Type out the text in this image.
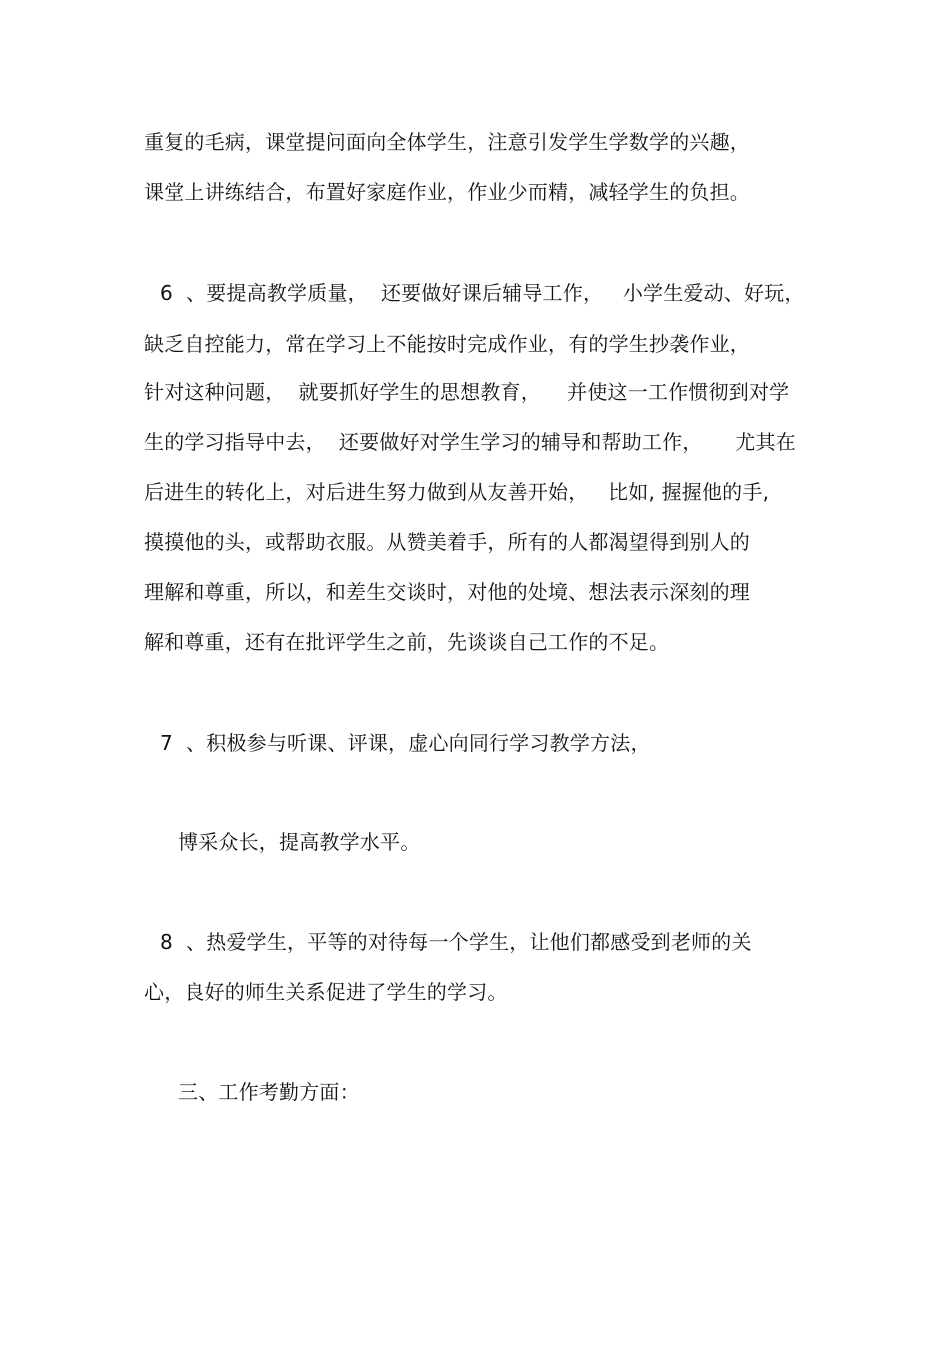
重复的毛病，课堂提问面向全体学生，注意引发学生学数学的兴趣，
课堂上讲练结合，布置好家庭作业，作业少而精，减轻学生的负担。
6  、要提高教学质量，  还要做好课后辅导工作，   小学生爱动、好玩，
缺乏自控能力，常在学习上不能按时完成作业，有的学生抄袭作业，
针对这种问题，  就要抓好学生的思想教育，    并使这一工作惯彻到对学
生的学习指导中去，  还要做好对学生学习的辅导和帮助工作，     尤其在
后进生的转化上，对后进生努力做到从友善开始，   比如, 握握他的手,
摸摸他的头，或帮助衣服。从赞美着手，所有的人都渴望得到别人的
理解和尊重，所以，和差生交谈时，对他的处境、想法表示深刻的理
解和尊重，还有在批评学生之前，先谈谈自己工作的不足。
7  、积极参与听课、评课，虚心向同行学习教学方法，
博采众长，提高教学水平。
8  、热爱学生，平等的对待每一个学生，让他们都感受到老师的关
心，良好的师生关系促进了学生的学习。
三、工作考勤方面：
